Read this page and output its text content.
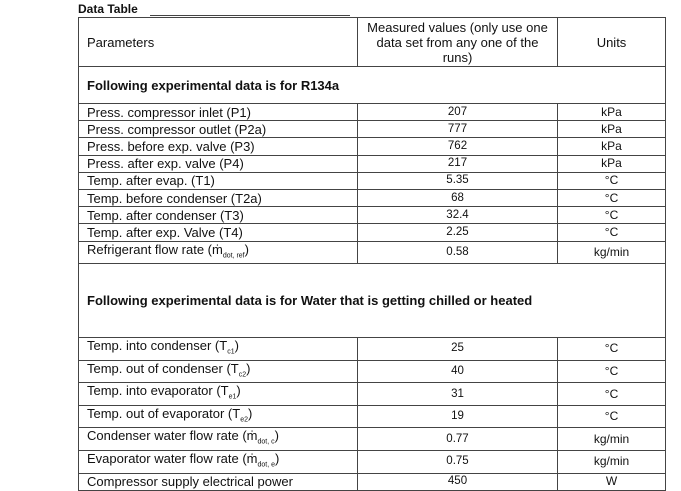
Data Table
Parameters	Measured values (only use one data set from any one of the runs)	Units
Following experimental data is for R134a		
Press. compressor inlet (P1)	207	kPa
Press. compressor outlet (P2a)	777	kPa
Press. before exp. valve (P3)	762	kPa
Press. after exp. valve (P4)	217	kPa
Temp. after evap. (T1)	5.35	°C
Temp. before condenser (T2a)	68	°C
Temp. after condenser (T3)	32.4	°C
Temp. after exp. Valve (T4)	2.25	°C
Refrigerant flow rate (ṁ$_{dot, ref}$)	0.58	kg/min
Following experimental data is for Water that is getting chilled or heated		
Temp. into condenser $(T_{c1})$	25	°C
Temp. out of condenser $(T_{c2})$	40	°C
Temp. into evaporator $(T_{e1})$	31	°C
Temp. out of evaporator $(T_{e2})$	19	°C
Condenser water flow rate (ṁ$_{dot, c}$)	0.77	kg/min
Evaporator water flow rate (ṁ$_{dot, e}$)	0.75	kg/min
Compressor supply electrical power	450	W
